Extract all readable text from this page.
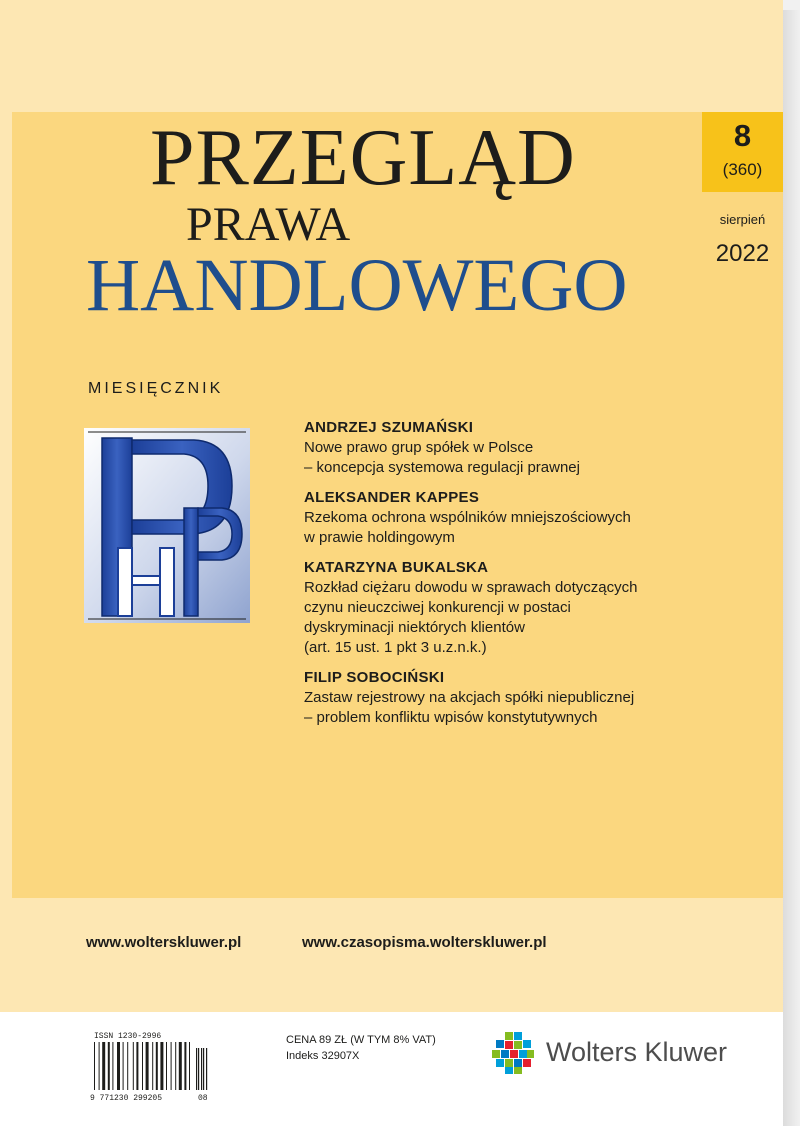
8
(360)
sierpień
2022
PRZEGLĄD
PRAWA
HANDLOWEGO
MIESIĘCZNIK
ANDRZEJ SZUMAŃSKI
Nowe prawo grup spółek w Polsce
– koncepcja systemowa regulacji prawnej
ALEKSANDER KAPPES
Rzekoma ochrona wspólników mniejszościowych
w prawie holdingowym
KATARZYNA BUKALSKA
Rozkład ciężaru dowodu w sprawach dotyczących
czynu nieuczciwej konkurencji w postaci
dyskryminacji niektórych klientów
(art. 15 ust. 1 pkt 3 u.z.n.k.)
FILIP SOBOCIŃSKI
Zastaw rejestrowy na akcjach spółki niepublicznej
– problem konfliktu wpisów konstytutywnych
www.wolterskluwer.pl	www.czasopisma.wolterskluwer.pl
ISSN 1230-2996
9 771230 299205	08
CENA 89 ZŁ (W TYM 8% VAT)
Indeks 32907X	Wolters Kluwer
